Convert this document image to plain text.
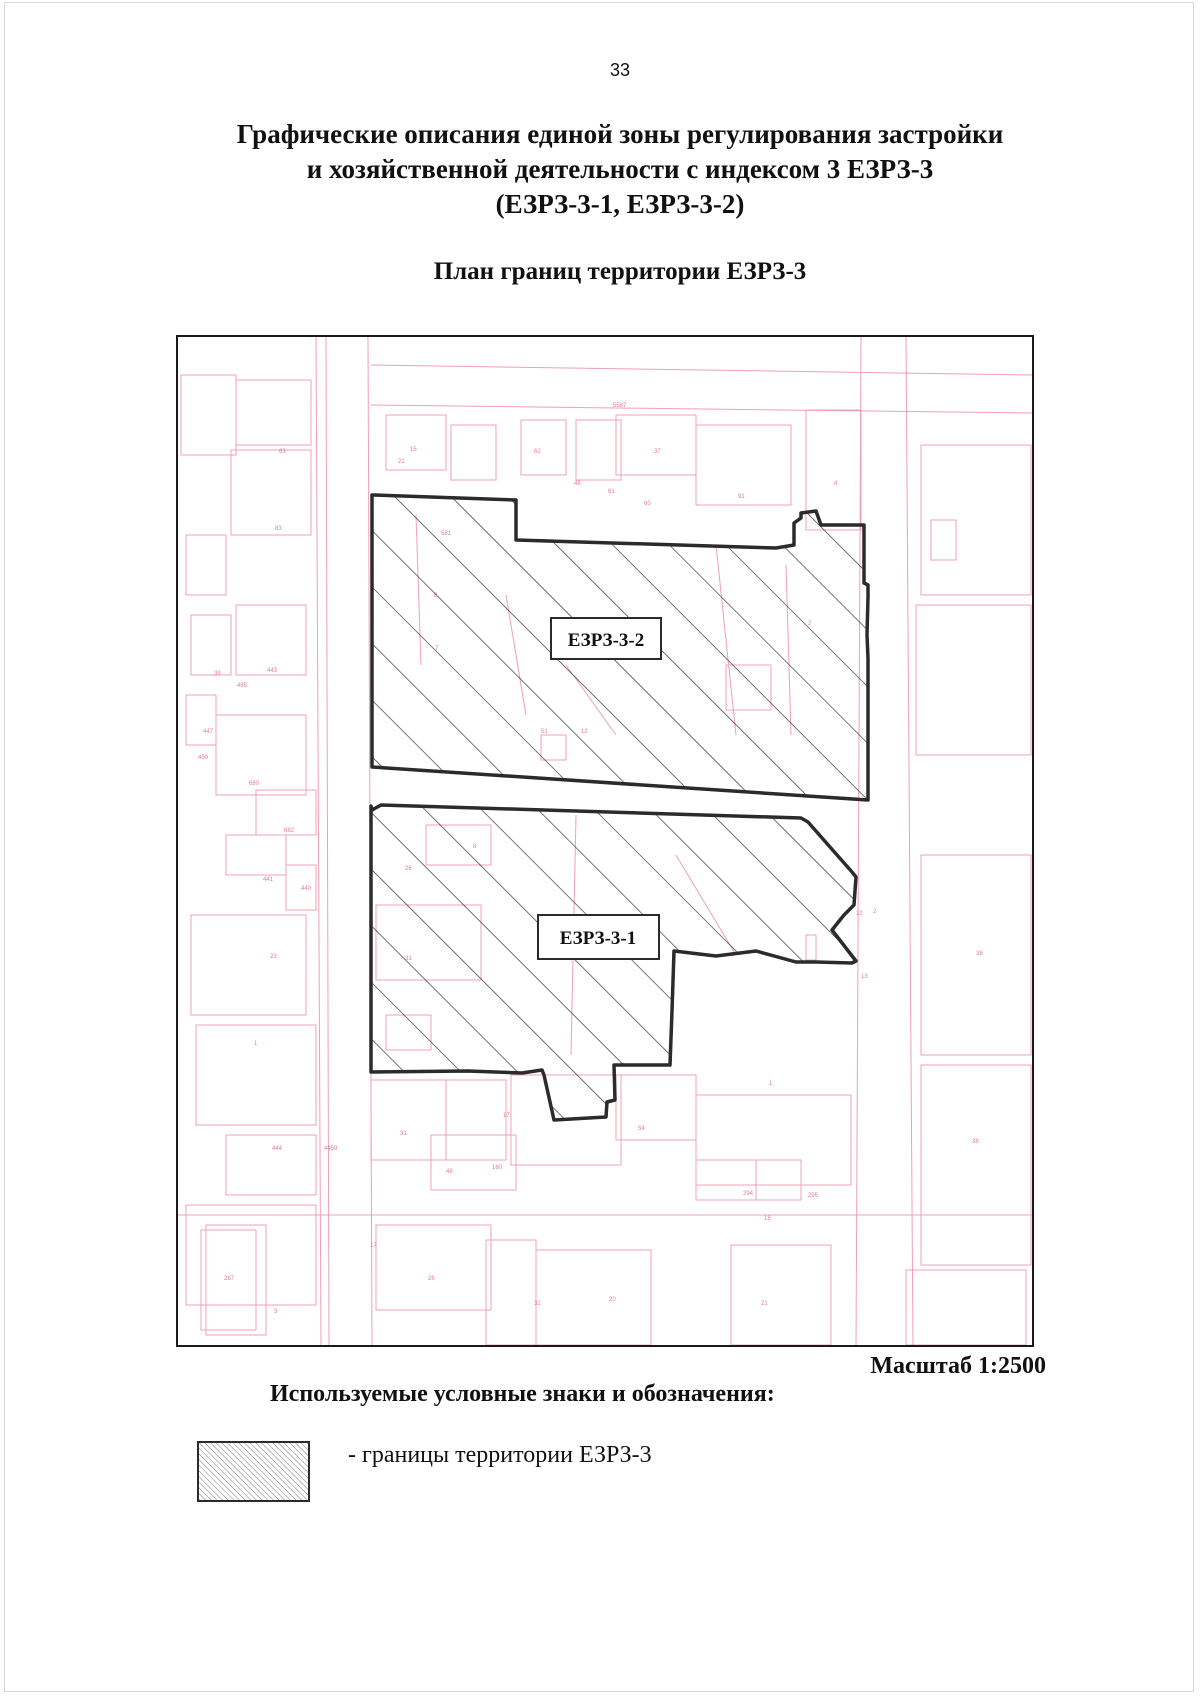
33
Графические описания единой зоны регулирования застройки
и хозяйственной деятельности с индексом 3 ЕЗРЗ-3
(ЕЗРЗ-3-1, ЕЗРЗ-3-2)
План границ территории ЕЗРЗ-3
5587
63
21
15	62	37
48
61
60
91
4
83
485
39	443
447
450
680
682
441
440
54
1
13
31
17
23	38
1
287
3
17
26
32
20
21
2
38
444	4459
48
160
294	295
18
12
ЕЗРЗ-3-2
ЕЗРЗ-3-1
Масштаб 1:2500
Используемые условные знаки и обозначения:
- границы территории ЕЗРЗ-3
